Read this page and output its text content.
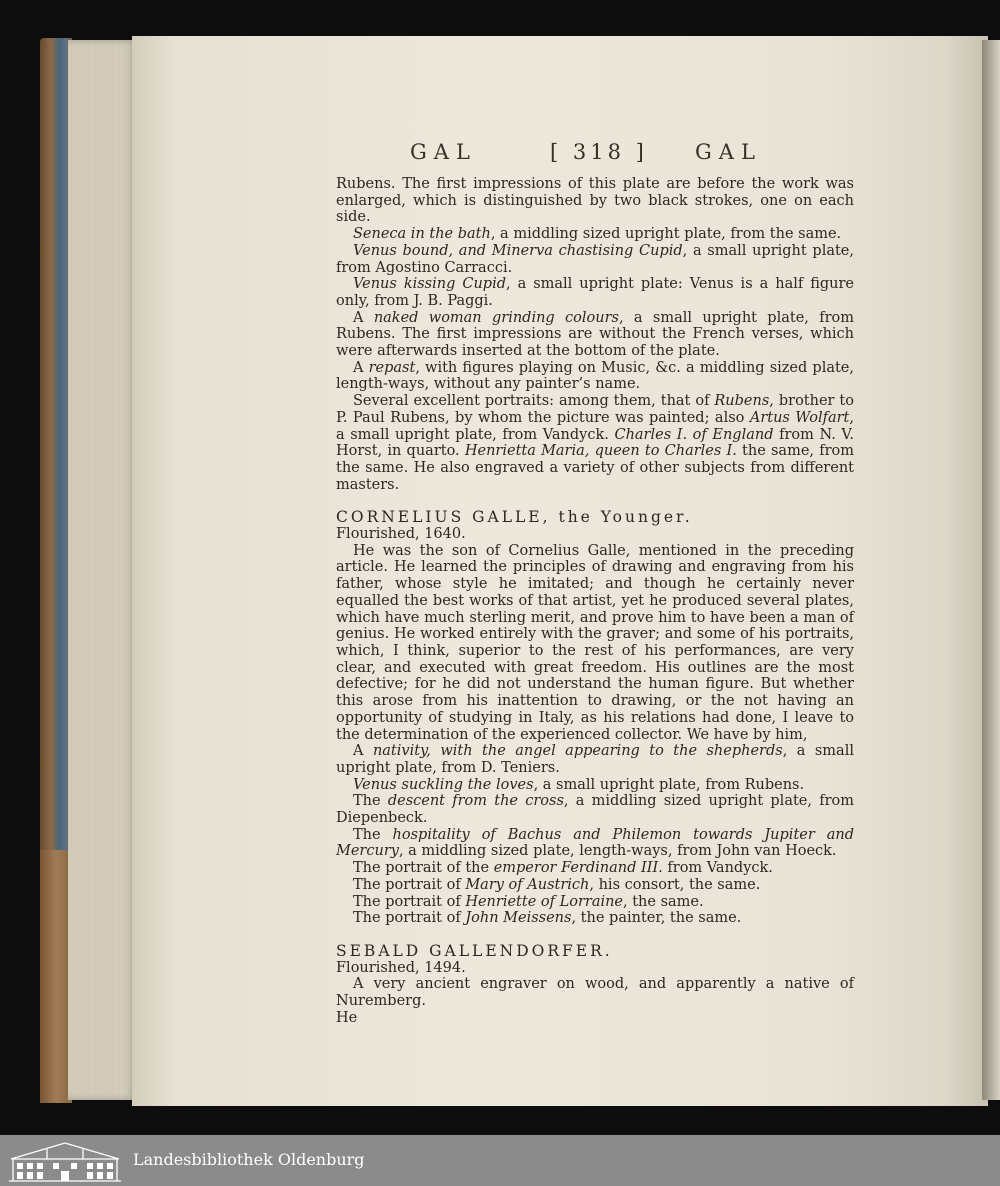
GAL	[ 318 ] GAL

Rubens. The first impressions of this plate are before the work was enlarged, which is distinguished by two black strokes, one on each side.

Seneca in the bath, a middling sized upright plate, from the same.

Venus bound, and Minerva chastising Cupid, a small upright plate, from Agostino Carracci.

Venus kissing Cupid, a small upright plate: Venus is a half figure only, from J. B. Paggi.

A naked woman grinding colours, a small upright plate, from Rubens. The first impressions are without the French verses, which were afterwards inserted at the bottom of the plate.

A repast, with figures playing on Music, &c. a middling sized plate, length-ways, without any painter’s name.

Several excellent portraits: among them, that of Rubens, brother to P. Paul Rubens, by whom the picture was painted; also Artus Wolfart, a small upright plate, from Vandyck. Charles I. of England from N. V. Horst, in quarto. Henrietta Maria, queen to Charles I. the same, from the same. He also engraved a variety of other subjects from different masters.

CORNELIUS GALLE, the Younger.

Flourished, 1640.

He was the son of Cornelius Galle, mentioned in the preceding article. He learned the principles of drawing and engraving from his father, whose style he imitated; and though he certainly never equalled the best works of that artist, yet he produced several plates, which have much sterling merit, and prove him to have been a man of genius. He worked entirely with the graver; and some of his portraits, which, I think, superior to the rest of his performances, are very clear, and executed with great freedom. His outlines are the most defective; for he did not understand the human figure. But whether this arose from his inattention to drawing, or the not having an opportunity of studying in Italy, as his relations had done, I leave to the determination of the experienced collector. We have by him,

A nativity, with the angel appearing to the shepherds, a small upright plate, from D. Teniers.

Venus suckling the loves, a small upright plate, from Rubens.

The descent from the cross, a middling sized upright plate, from Diepenbeck.

The hospitality of Bachus and Philemon towards Jupiter and Mercury, a middling sized plate, length-ways, from John van Hoeck.

The portrait of the emperor Ferdinand III. from Vandyck.

The portrait of Mary of Austrich, his consort, the same.

The portrait of Henriette of Lorraine, the same.

The portrait of John Meissens, the painter, the same.

SEBALD GALLENDORFER.

Flourished, 1494.

A very ancient engraver on wood, and apparently a native of Nuremberg.

He

Landesbibliothek Oldenburg
